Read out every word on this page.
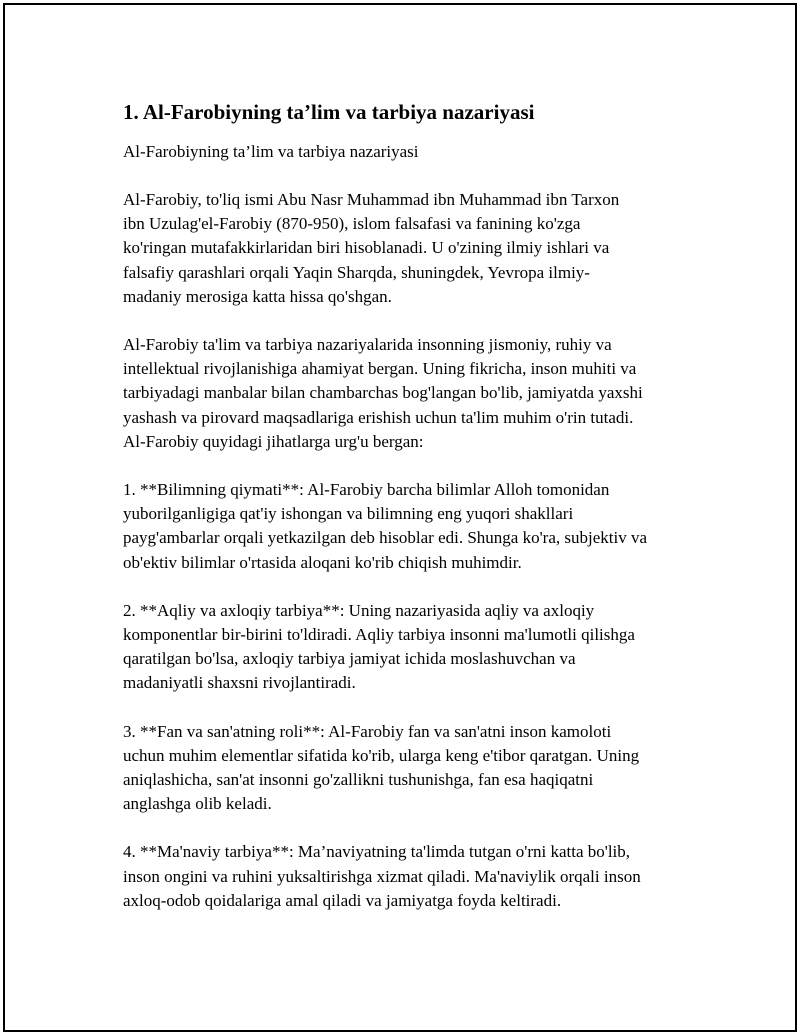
1. Al-Farobiyning ta’lim va tarbiya nazariyasi

Al-Farobiyning ta’lim va tarbiya nazariyasi

Al-Farobiy, to'liq ismi Abu Nasr Muhammad ibn Muhammad ibn Tarxon
ibn Uzulag'el-Farobiy (870-950), islom falsafasi va fanining ko'zga
ko'ringan mutafakkirlaridan biri hisoblanadi. U o'zining ilmiy ishlari va
falsafiy qarashlari orqali Yaqin Sharqda, shuningdek, Yevropa ilmiy-
madaniy merosiga katta hissa qo'shgan.

Al-Farobiy ta'lim va tarbiya nazariyalarida insonning jismoniy, ruhiy va
intellektual rivojlanishiga ahamiyat bergan. Uning fikricha, inson muhiti va
tarbiyadagi manbalar bilan chambarchas bog'langan bo'lib, jamiyatda yaxshi
yashash va pirovard maqsadlariga erishish uchun ta'lim muhim o'rin tutadi.
Al-Farobiy quyidagi jihatlarga urg'u bergan:

1. **Bilimning qiymati**: Al-Farobiy barcha bilimlar Alloh tomonidan
yuborilganligiga qat'iy ishongan va bilimning eng yuqori shakllari
payg'ambarlar orqali yetkazilgan deb hisoblar edi. Shunga ko'ra, subjektiv va
ob'ektiv bilimlar o'rtasida aloqani ko'rib chiqish muhimdir.

2. **Aqliy va axloqiy tarbiya**: Uning nazariyasida aqliy va axloqiy
komponentlar bir-birini to'ldiradi. Aqliy tarbiya insonni ma'lumotli qilishga
qaratilgan bo'lsa, axloqiy tarbiya jamiyat ichida moslashuvchan va
madaniyatli shaxsni rivojlantiradi.

3. **Fan va san'atning roli**: Al-Farobiy fan va san'atni inson kamoloti
uchun muhim elementlar sifatida ko'rib, ularga keng e'tibor qaratgan. Uning
aniqlashicha, san'at insonni go'zallikni tushunishga, fan esa haqiqatni
anglashga olib keladi.

4. **Ma'naviy tarbiya**: Ma’naviyatning ta'limda tutgan o'rni katta bo'lib,
inson ongini va ruhini yuksaltirishga xizmat qiladi. Ma'naviylik orqali inson
axloq-odob qoidalariga amal qiladi va jamiyatga foyda keltiradi.
